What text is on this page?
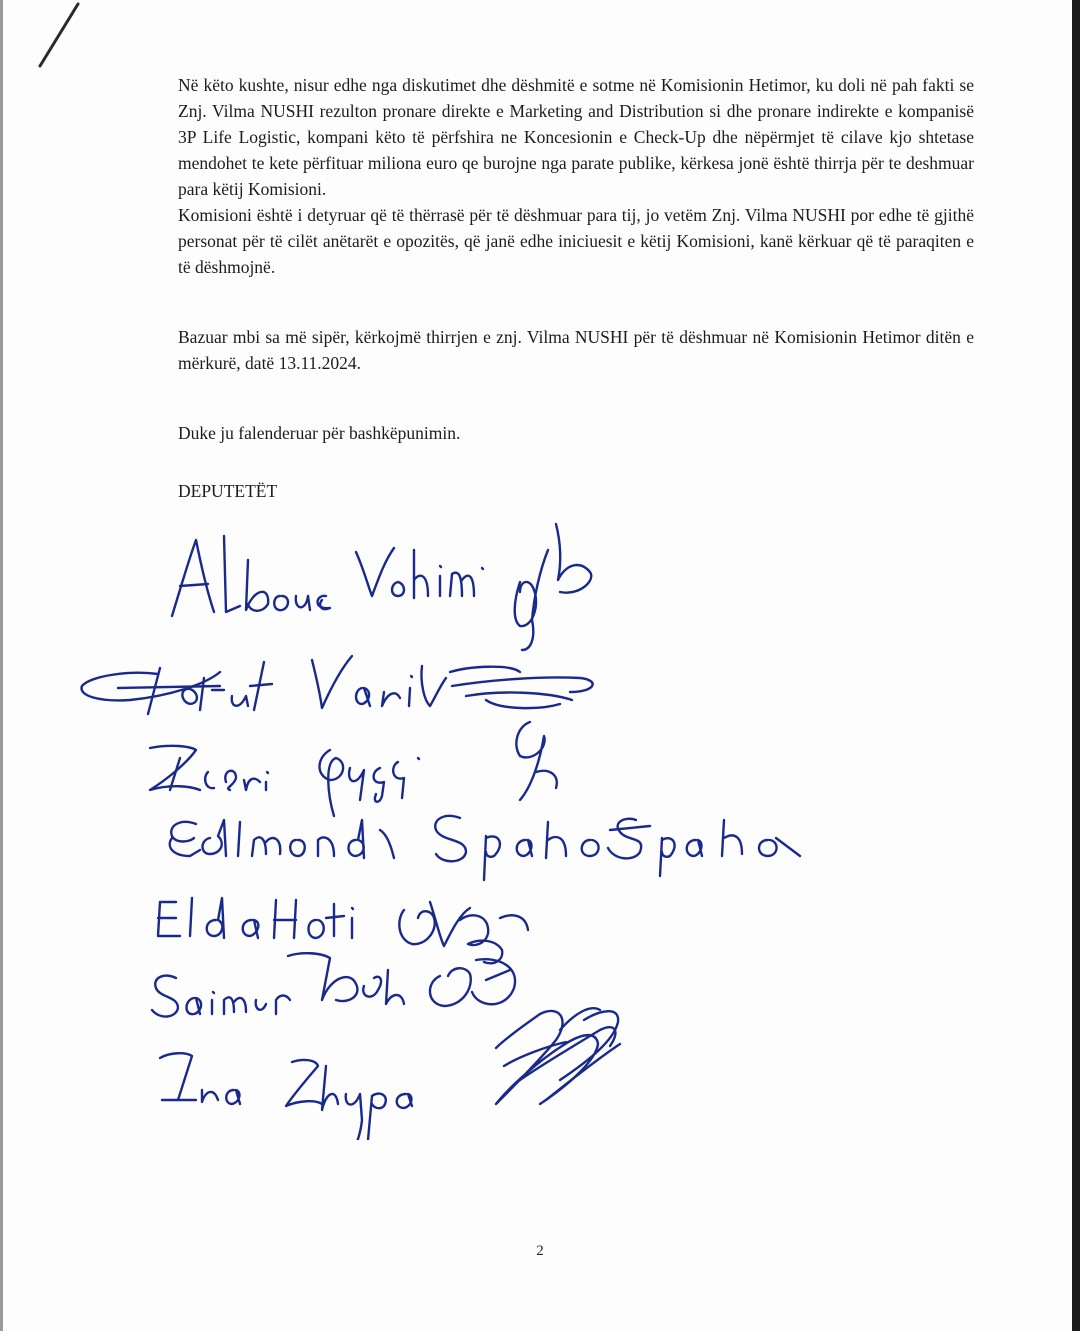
Në këto kushte, nisur edhe nga diskutimet dhe dëshmitë e sotme në Komisionin Hetimor, ku doli në pah fakti se Znj. Vilma NUSHI rezulton pronare direkte e Marketing and Distribution si dhe pronare indirekte e kompanisë 3P Life Logistic, kompani këto të përfshira ne Koncesionin e Check-Up dhe nëpërmjet të cilave kjo shtetase mendohet te kete përfituar miliona euro qe burojne nga parate publike, kërkesa jonë është thirrja për te deshmuar para këtij Komisioni.

Komisioni është i detyruar që të thërrasë për të dëshmuar para tij, jo vetëm Znj. Vilma NUSHI por edhe të gjithë personat për të cilët anëtarët e opozitës, që janë edhe iniciuesit e këtij Komisioni, kanë kërkuar që të paraqiten e të dëshmojnë.

Bazuar mbi sa më sipër, kërkojmë thirrjen e znj. Vilma NUSHI për të dëshmuar në Komisionin Hetimor ditën e mërkurë, datë 13.11.2024.
Duke ju falenderuar për bashkëpunimin.
DEPUTETËT
2
